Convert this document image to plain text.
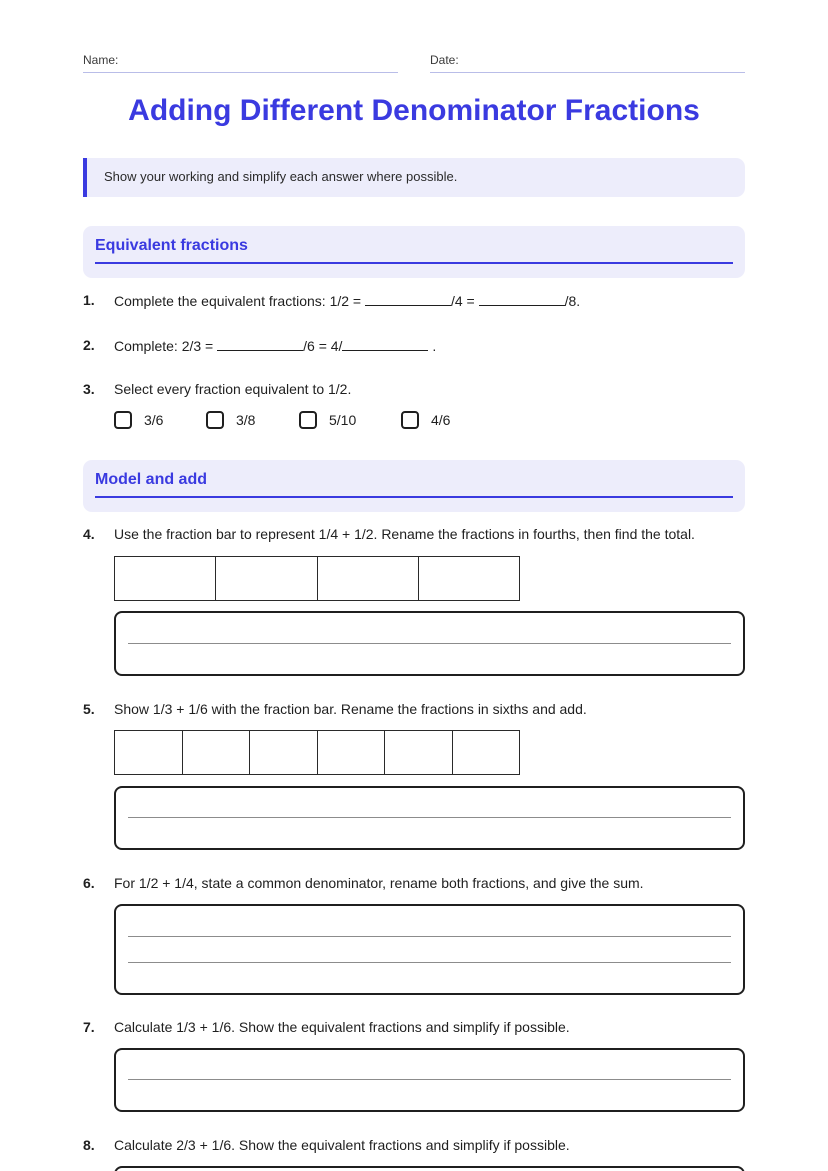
Name:	Date:
Adding Different Denominator Fractions
Show your working and simplify each answer where possible.
Equivalent fractions
1. Complete the equivalent fractions: 1/2 =	/4 =	/8.
2. Complete: 2/3 =	/6 = 4/	.
3. Select every fraction equivalent to 1/2.
3/6	3/8	5/10	4/6
Model and add
4. Use the fraction bar to represent 1/4 + 1/2. Rename the fractions in fourths, then find the total.
5. Show 1/3 + 1/6 with the fraction bar. Rename the fractions in sixths and add.
6. For 1/2 + 1/4, state a common denominator, rename both fractions, and give the sum.
7. Calculate 1/3 + 1/6. Show the equivalent fractions and simplify if possible.
8. Calculate 2/3 + 1/6. Show the equivalent fractions and simplify if possible.
